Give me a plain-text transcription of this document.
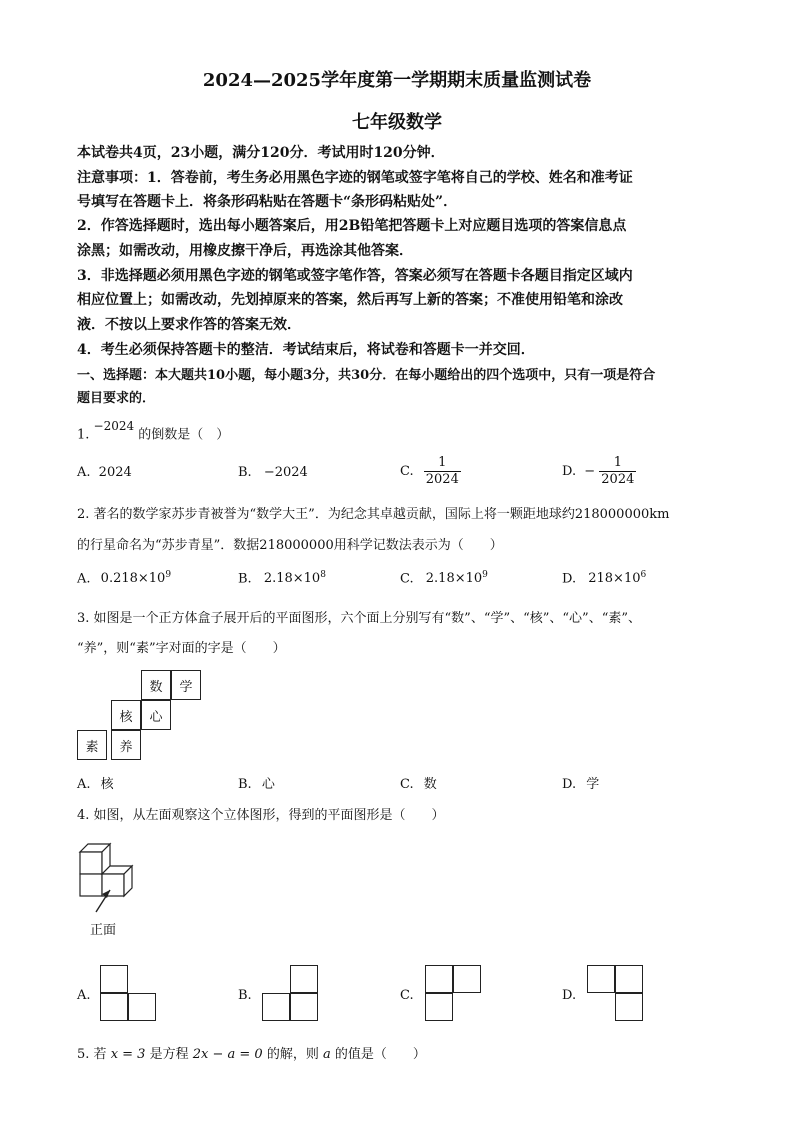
2024—2025学年度第一学期期末质量监测试卷
七年级数学
本试卷共4页，23小题，满分120分．考试用时120分钟．
注意事项：1．答卷前，考生务必用黑色字迹的钢笔或签字笔将自己的学校、姓名和准考证
号填写在答题卡上．将条形码粘贴在答题卡“条形码粘贴处”．
2．作答选择题时，选出每小题答案后，用2B铅笔把答题卡上对应题目选项的答案信息点
涂黑；如需改动，用橡皮擦干净后，再选涂其他答案．
3．非选择题必须用黑色字迹的钢笔或签字笔作答，答案必须写在答题卡各题目指定区域内
相应位置上；如需改动，先划掉原来的答案，然后再写上新的答案；不准使用铅笔和涂改
液．不按以上要求作答的答案无效．
4．考生必须保持答题卡的整洁．考试结束后，将试卷和答题卡一并交回．
一、选择题：本大题共10小题，每小题3分，共30分．在每小题给出的四个选项中，只有一项是符合
题目要求的．
1. $^{-2024}$ 的倒数是（　）
A. 2024	B. −2024	C. $\frac{1}{2024}$	D. − $\frac{1}{2024}$
2. 著名的数学家苏步青被誉为“数学大王”．为纪念其卓越贡献，国际上将一颗距地球约218000000km
的行星命名为“苏步青星”．数据218000000用科学记数法表示为（　　）
A. $0.218\times 10^9$	B. $2.18\times 10^8$	C. $2.18\times 10^9$	D. $218\times 10^6$
3. 如图是一个正方体盒子展开后的平面图形，六个面上分别写有“数”、“学”、“核”、“心”、“素”、
“养”，则“素”字对面的字是（　　）
数	学
核	心
素	养
A. 核	B. 心	C. 数	D. 学
4. 如图，从左面观察这个立体图形，得到的平面图形是（　　）
正面
A.	B.	C.	D.
5. 若 x = 3 是方程 2x − a = 0 的解，则 a 的值是（　　）
